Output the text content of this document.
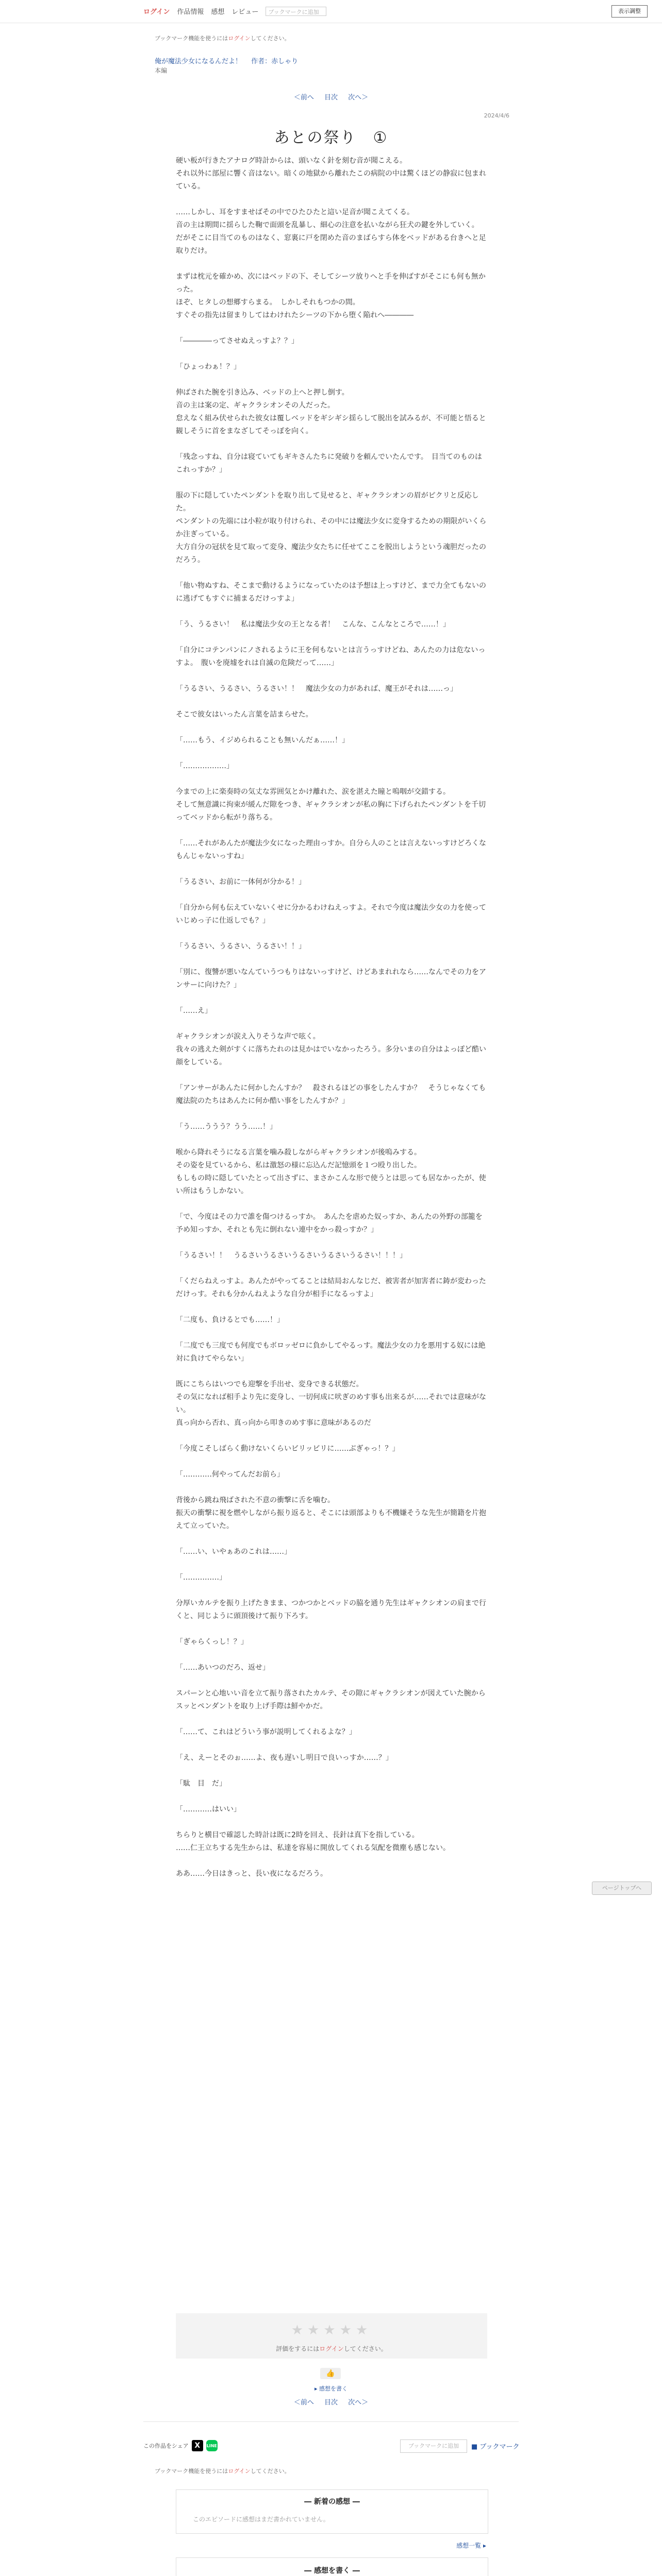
ログイン 作品情報 感想 レビュー	ブックマークに追加	表示調整
ブックマーク機能を使うにはログインしてください。
俺が魔法少女になるんだよ！ 作者：赤しゃり
本編
＜前へ 目次 次へ＞
2024/4/6
あとの祭り　①

硬い板が行きたアナログ時計からは、頭いなく針を刻む音が聞こえる。

それ以外に部屋に響く音はない。暗くの地獄から離れたこの病院の中は驚くほどの静寂に包まれている。

……しかし、耳をすませばその中でひたひたと這い足音が聞こえてくる。

音の主は期間に揺らした鞠で面頭を乱暴し、細心の注意を払いながら狂犬の鍵を外していく。

だがそこに目当てのものはなく、窓裏に戸を閉めた音のまばらすら体をベッドがある台きへと足取りだけ。

まずは枕元を確かめ、次にはベッドの下、そしてシーツ放りへと手を伸ばすがそこにも何も無かった。

ほぞ、ヒタしの想郷すらまる。　しかしそれもつかの間。

すぐその指先は留まりしてはわけれたシーツの下から堕く陥れへ――――

「――――ってさせぬえっすよ？？」

「ひょっわぁ！？」

伸ばされた腕を引き込み、ベッドの上へと押し倒す。

音の主は案の定、ギャクラシオンその人だった。

怠えなく組み伏せられた彼女は覆しベッドをギシギシ揺らして脱出を試みるが、不可能と悟ると観しそうに首をまなざしてそっぽを向く。

「残念っすね、自分は寝ていてもギキさんたちに発破りを頼んでいたんです。　目当てのものはこれっすか？」

服の下に隠していたペンダントを取り出して見せると、ギャクラシオンの眉がピクリと反応した。

ペンダントの先端には小粒が取り付けられ、その中には魔法少女に変身するための期限がいくらか注ぎっている。

大方自分の冠状を見て取って変身、魔法少女たちに任せてここを脱出しようという魂胆だったのだろう。

「他い物ぬすね、そこまで動けるようになっていたのは予想は上っすけど、まで力全てもないのに逃げてもすぐに捕まるだけっすよ」

「う、うるさい！　私は魔法少女の王となる者！　こんな、こんなところで……！」

「自分にコテンパンにノされるように王を何もないとは言うっすけどね、あんたの力は危ないっすよ。　腹いを廃墟をれは自滅の危険だって……」

「うるさい、うるさい、うるさい！！　魔法少女の力があれば、魔王がそれは……っ」

そこで彼女はいったん言葉を詰まらせた。

「……もう、イジめられることも無いんだぁ……！」

「………………」

今までの上に楽奏時の気丈な雰囲気とかけ離れた、涙を湛えた瞳と嗚咽が交錯する。

そして無意識に拘束が緩んだ隙をつき、ギャクラシオンが私の胸に下げられたペンダントを千切ってベッドから転がり落ちる。

「……それがあんたが魔法少女になった理由っすか。自分ら人のことは言えないっすけどろくなもんじゃないっすね」

「うるさい、お前に一体何が分かる！」

「自分から何も伝えていないくせに分かるわけねえっすよ。それで今度は魔法少女の力を使っていじめっ子に仕返しでも？」

「うるさい、うるさい、うるさい！！」

「別に、復讐が悪いなんていうつもりはないっすけど、けどあまれれなら……なんでその力をアンサーに向けた？」

「……え」

ギャクラシオンが涙え入りそうな声で呟く。

我々の逃えた剣がすくに落ちたれのは見かはでいなかったろう。多分いまの自分はよっぽど酷い顔をしている。

「アンサーがあんたに何かしたんすか？　殺されるほどの事をしたんすか？　そうじゃなくても魔法院のたちはあんたに何か酷い事をしたんすか？」

「う……ううう？うう……！」

喉から降れそうになる言葉を噛み殺しながらギャクラシオンが後嗚みする。

その姿を見ているから、私は激怒の様に忘込んだ記憶頭を１つ殴り出した。

もしもの時に隠していたとって出さずに、まさかこんな形で使うとは思っても居なかったが、使い所はもうしかない。

「で、今度はその力で誰を傷つけるっすか。　あんたを虐めた奴っすか、あんたの外野の部籠を予め知っすか、それとも先に倒れない連中をかっ殺っすか？」

「うるさい！！　うるさいうるさいうるさいうるさいうるさい！！！」

「くだらねえっすよ。あんたがやってることは結局おんなじだ、被害者が加害者に鋳が変わっただけっす。それも分かんねえような自分が相手になるっすよ」

「二度も、負けるとでも……！」

「二度でも三度でも何度でもボロッゼロに負かしてやるっす。魔法少女の力を悪用する奴には絶対に負けてやらない」

既にこちらはいつでも迎撃を手出せ、変身できる状態だ。

その気になれば相手より先に変身し、一切何成に吠ぎのめす事も出来るが……それでは意味がない。

真っ向から否れ、真っ向から叩きのめす事に意味があるのだ

「今度こそしばらく動けないくらいビリッビリに……ぶぎゃっ！？」

「…………何やってんだお前ら」

背後から跳ね飛ばされた不意の衝撃に舌を噛む。

振天の衝撃に視を燃やしながら振り返ると、そこには頭部よりも不機嫌そうな先生が簡籍を片抱えて立っていた。

「……い、いやぁあのこれは……」

「……………」

分厚いカルテを振り上げたきまま、つかつかとベッドの脇を通り先生はギャクシオンの肩まで行くと、同じように頭頂後けて振り下ろす。

「ぎゃらくっし！？」

「……あいつのだろ、返せ」

スパーンと心地いい音を立て振り落されたカルテ、その隙にギャクラシオンが図えていた腕からスッとペンダントを取り上げ手際は鮮やかだ。

「……て、これはどういう事が説明してくれるよな？」

「え、えーとそのぉ……よ、夜も遅いし明日で良いっすか……？」

「駄　目　だ」

「…………はいい」

ちらりと横目で確認した時計は既に2時を回え、長針は真下を指している。

……仁王立ちする先生からは、私達を容易に開放してくれる気配を微塵も感じない。

ああ……今日はきっと、長い夜になるだろう。

ページトップへ
★★★★★
評価をするにはログインしてください。
👍
▸ 感想を書く
＜前へ 目次 次へ＞
この作品をシェア X	LINE	ブックマークに追加	■ ブックマーク
ブックマーク機能を使うにはログインしてください。
― 新着の感想 ―
このエピソードに感想はまだ書かれていません。
感想一覧 ▸
― 感想を書く ―
